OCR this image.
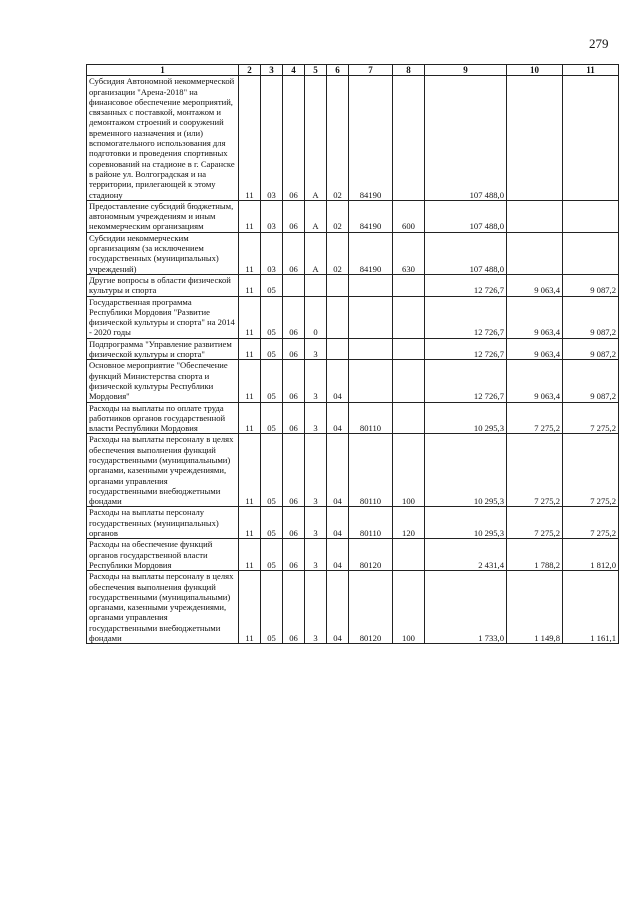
279
1	2	3	4	5	6	7	8	9	10	11
Субсидия Автономной некоммерческой организации "Арена-2018" на финансовое обеспечение мероприятий, связанных с поставкой, монтажом и демонтажом строений и сооружений временного назначения и (или) вспомогательного использования для подготовки и проведения спортивных соревнований на стадионе в г. Саранске в районе ул. Волгоградская и на территории, прилегающей к этому стадиону	11	03	06	А	02	84190		107 488,0		
Предоставление субсидий бюджетным, автономным учреждениям и иным некоммерческим организациям	11	03	06	А	02	84190	600	107 488,0		
Субсидии некоммерческим организациям (за исключением государственных (муниципальных) учреждений)	11	03	06	А	02	84190	630	107 488,0		
Другие вопросы в области физической культуры и спорта	11	05						12 726,7	9 063,4	9 087,2
Государственная программа Республики Мордовия "Развитие физической культуры и спорта" на 2014 - 2020 годы	11	05	06	0				12 726,7	9 063,4	9 087,2
Подпрограмма "Управление развитием физической культуры и спорта"	11	05	06	3				12 726,7	9 063,4	9 087,2
Основное мероприятие "Обеспечение функций Министерства спорта и физической культуры Республики Мордовия"	11	05	06	3	04			12 726,7	9 063,4	9 087,2
Расходы на выплаты по оплате труда работников органов государственной власти Республики Мордовия	11	05	06	3	04	80110		10 295,3	7 275,2	7 275,2
Расходы на выплаты персоналу в целях обеспечения выполнения функций государственными (муниципальными) органами, казенными учреждениями, органами управления государственными внебюджетными фондами	11	05	06	3	04	80110	100	10 295,3	7 275,2	7 275,2
Расходы на выплаты персоналу государственных (муниципальных) органов	11	05	06	3	04	80110	120	10 295,3	7 275,2	7 275,2
Расходы на обеспечение функций органов государственной власти Республики Мордовия	11	05	06	3	04	80120		2 431,4	1 788,2	1 812,0
Расходы на выплаты персоналу в целях обеспечения выполнения функций государственными (муниципальными) органами, казенными учреждениями, органами управления государственными внебюджетными фондами	11	05	06	3	04	80120	100	1 733,0	1 149,8	1 161,1
